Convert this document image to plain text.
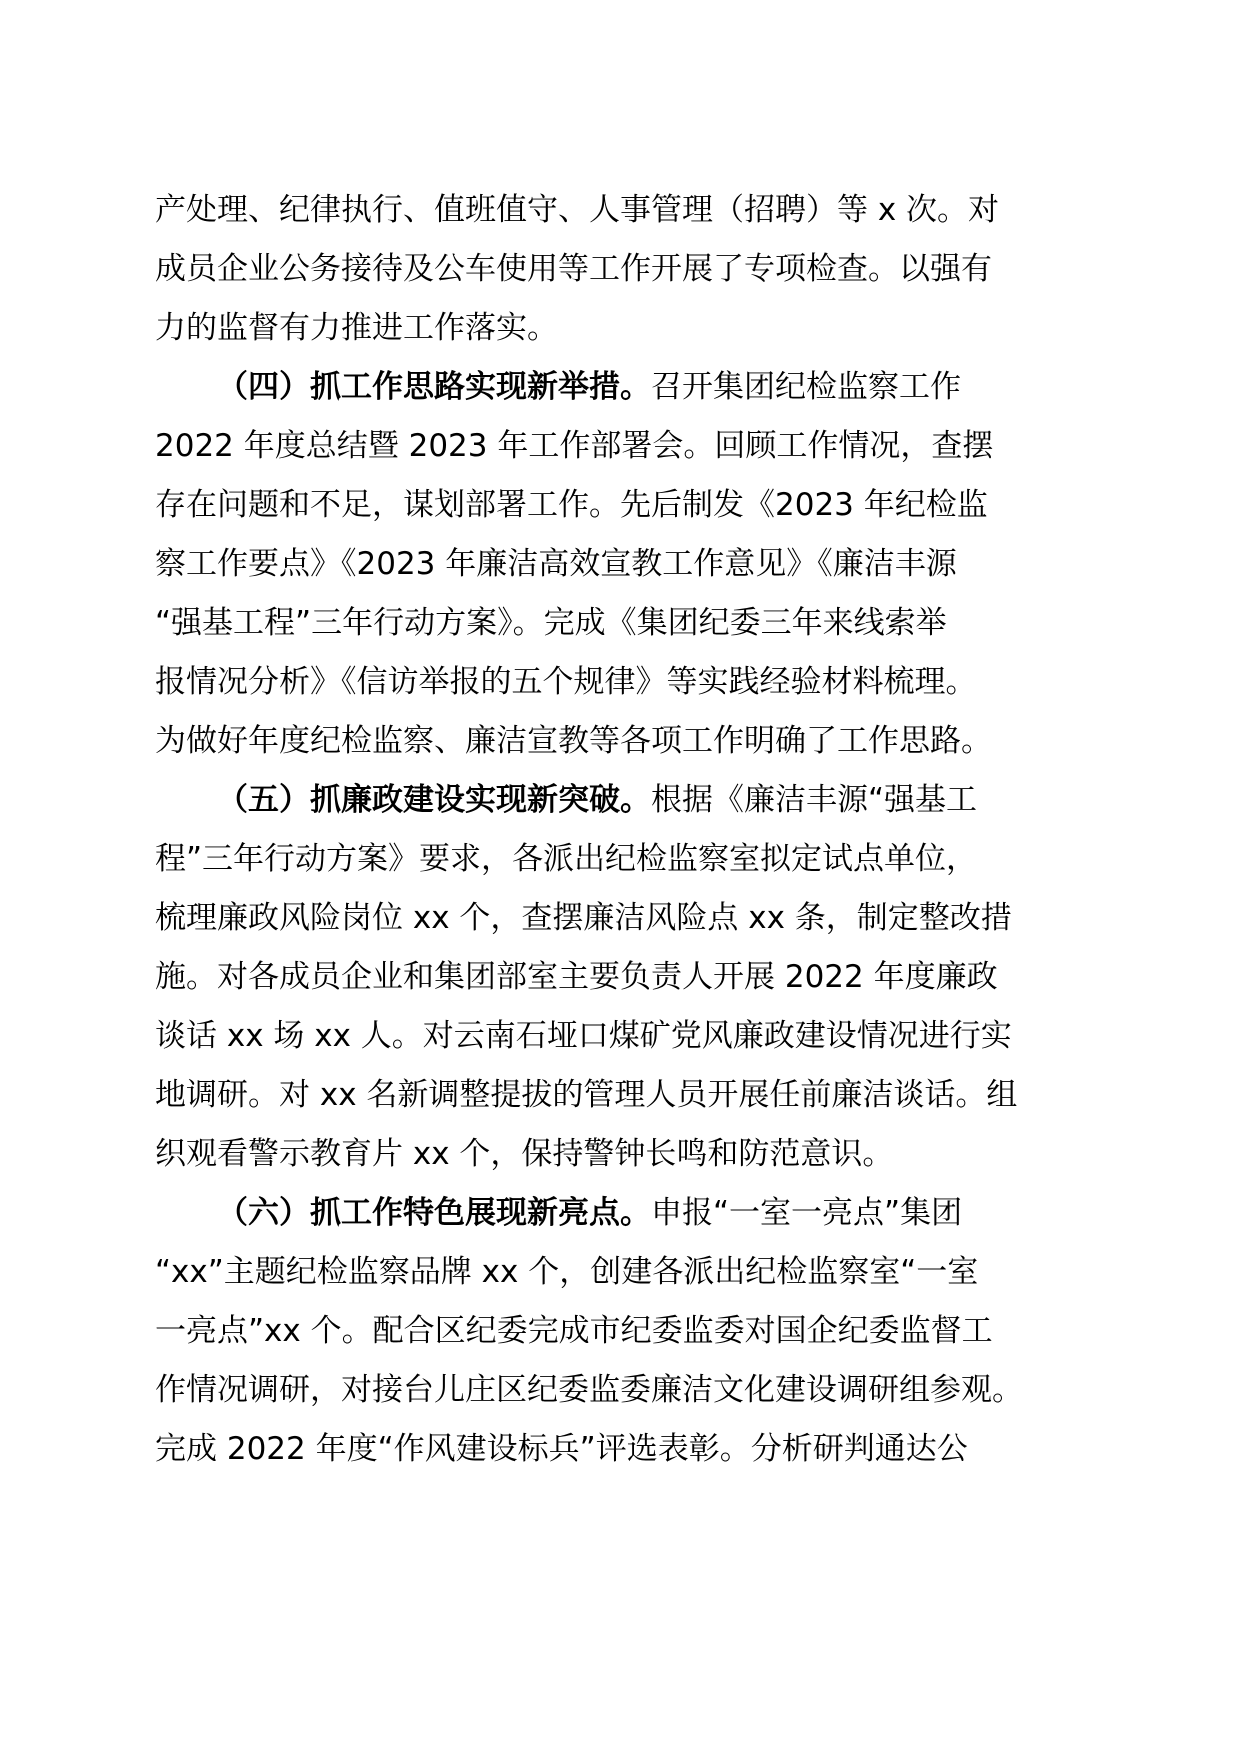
产处理、纪律执行、值班值守、人事管理（招聘）等 x 次。对
成员企业公务接待及公车使用等工作开展了专项检查。以强有
力的监督有力推进工作落实。
（四）抓工作思路实现新举措。召开集团纪检监察工作
2022 年度总结暨 2023 年工作部署会。回顾工作情况，查摆
存在问题和不足，谋划部署工作。先后制发《2023 年纪检监
察工作要点》《2023 年廉洁高效宣教工作意见》《廉洁丰源
“强基工程”三年行动方案》。完成《集团纪委三年来线索举
报情况分析》《信访举报的五个规律》等实践经验材料梳理。
为做好年度纪检监察、廉洁宣教等各项工作明确了工作思路。
（五）抓廉政建设实现新突破。根据《廉洁丰源“强基工
程”三年行动方案》要求，各派出纪检监察室拟定试点单位，
梳理廉政风险岗位 xx 个，查摆廉洁风险点 xx 条，制定整改措
施。对各成员企业和集团部室主要负责人开展 2022 年度廉政
谈话 xx 场 xx 人。对云南石垭口煤矿党风廉政建设情况进行实
地调研。对 xx 名新调整提拔的管理人员开展任前廉洁谈话。组
织观看警示教育片 xx 个，保持警钟长鸣和防范意识。
（六）抓工作特色展现新亮点。申报“一室一亮点”集团
“xx”主题纪检监察品牌 xx 个，创建各派出纪检监察室“一室
一亮点”xx 个。配合区纪委完成市纪委监委对国企纪委监督工
作情况调研，对接台儿庄区纪委监委廉洁文化建设调研组参观。
完成 2022 年度“作风建设标兵”评选表彰。分析研判通达公
